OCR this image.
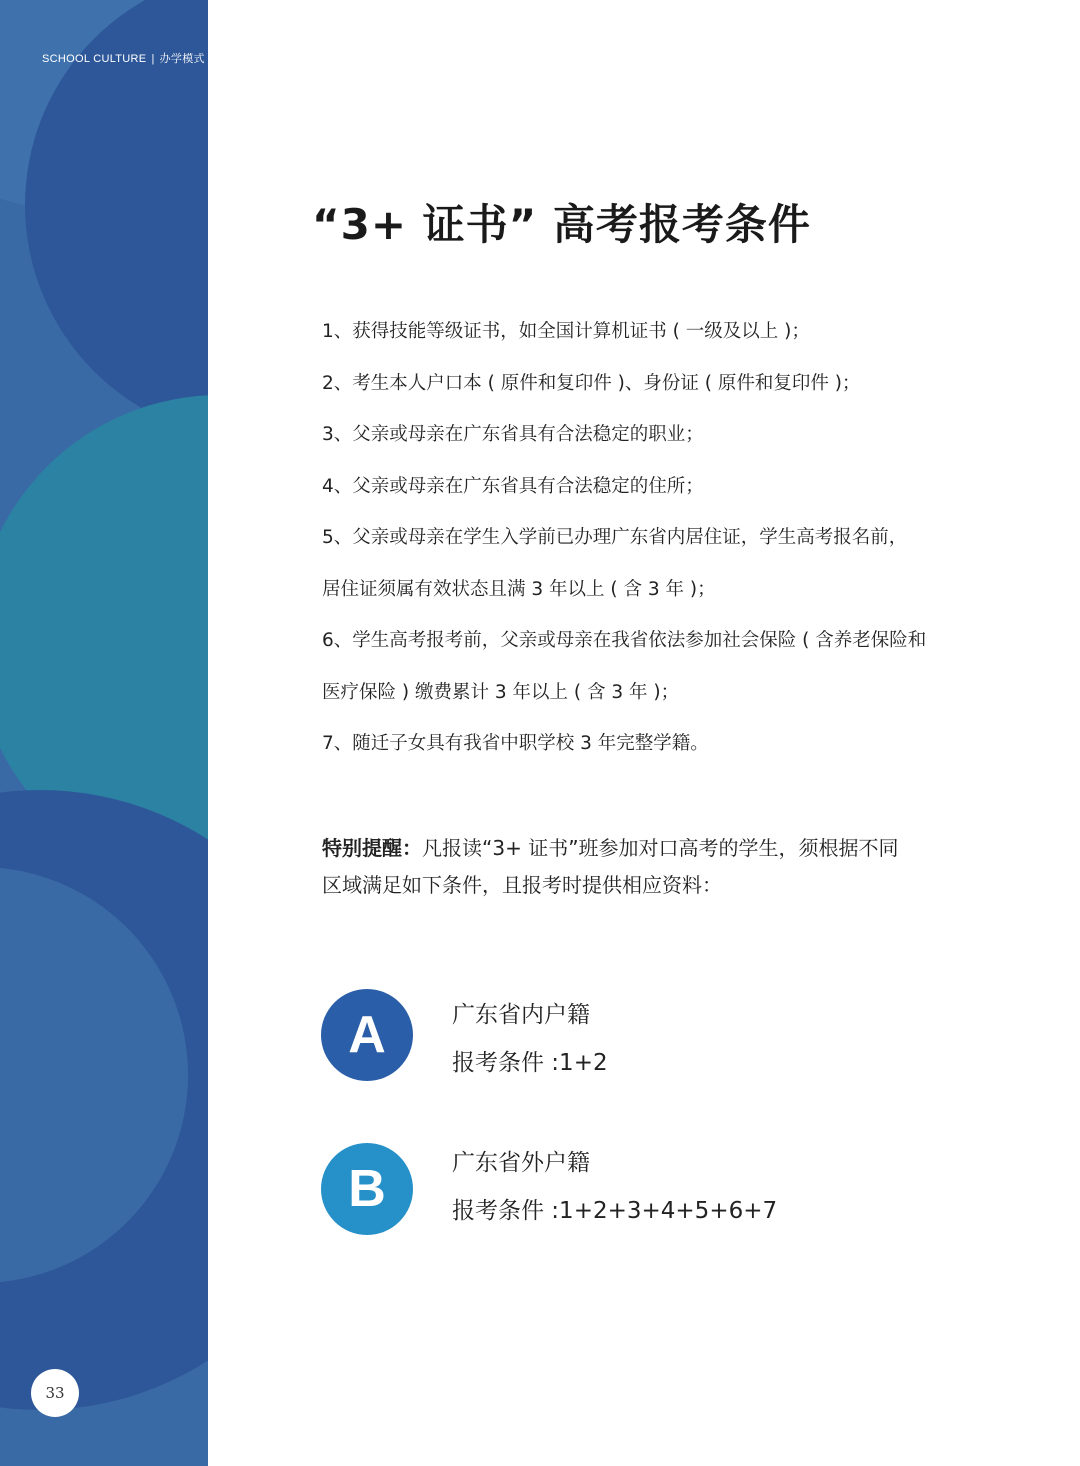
SCHOOL CULTURE | 办学模式
33
“3+ 证书” 高考报考条件
1、获得技能等级证书，如全国计算机证书 ( 一级及以上 )；
2、考生本人户口本 ( 原件和复印件 )、身份证 ( 原件和复印件 )；
3、父亲或母亲在广东省具有合法稳定的职业；
4、父亲或母亲在广东省具有合法稳定的住所；
5、父亲或母亲在学生入学前已办理广东省内居住证，学生高考报名前，
居住证须属有效状态且满 3 年以上 ( 含 3 年 )；
6、学生高考报考前，父亲或母亲在我省依法参加社会保险 ( 含养老保险和
医疗保险 ) 缴费累计 3 年以上 ( 含 3 年 )；
7、随迁子女具有我省中职学校 3 年完整学籍。
特别提醒：凡报读“3+ 证书”班参加对口高考的学生，须根据不同
区域满足如下条件，且报考时提供相应资料：
A	广东省内户籍
报考条件 :1+2
B	广东省外户籍
报考条件 :1+2+3+4+5+6+7
